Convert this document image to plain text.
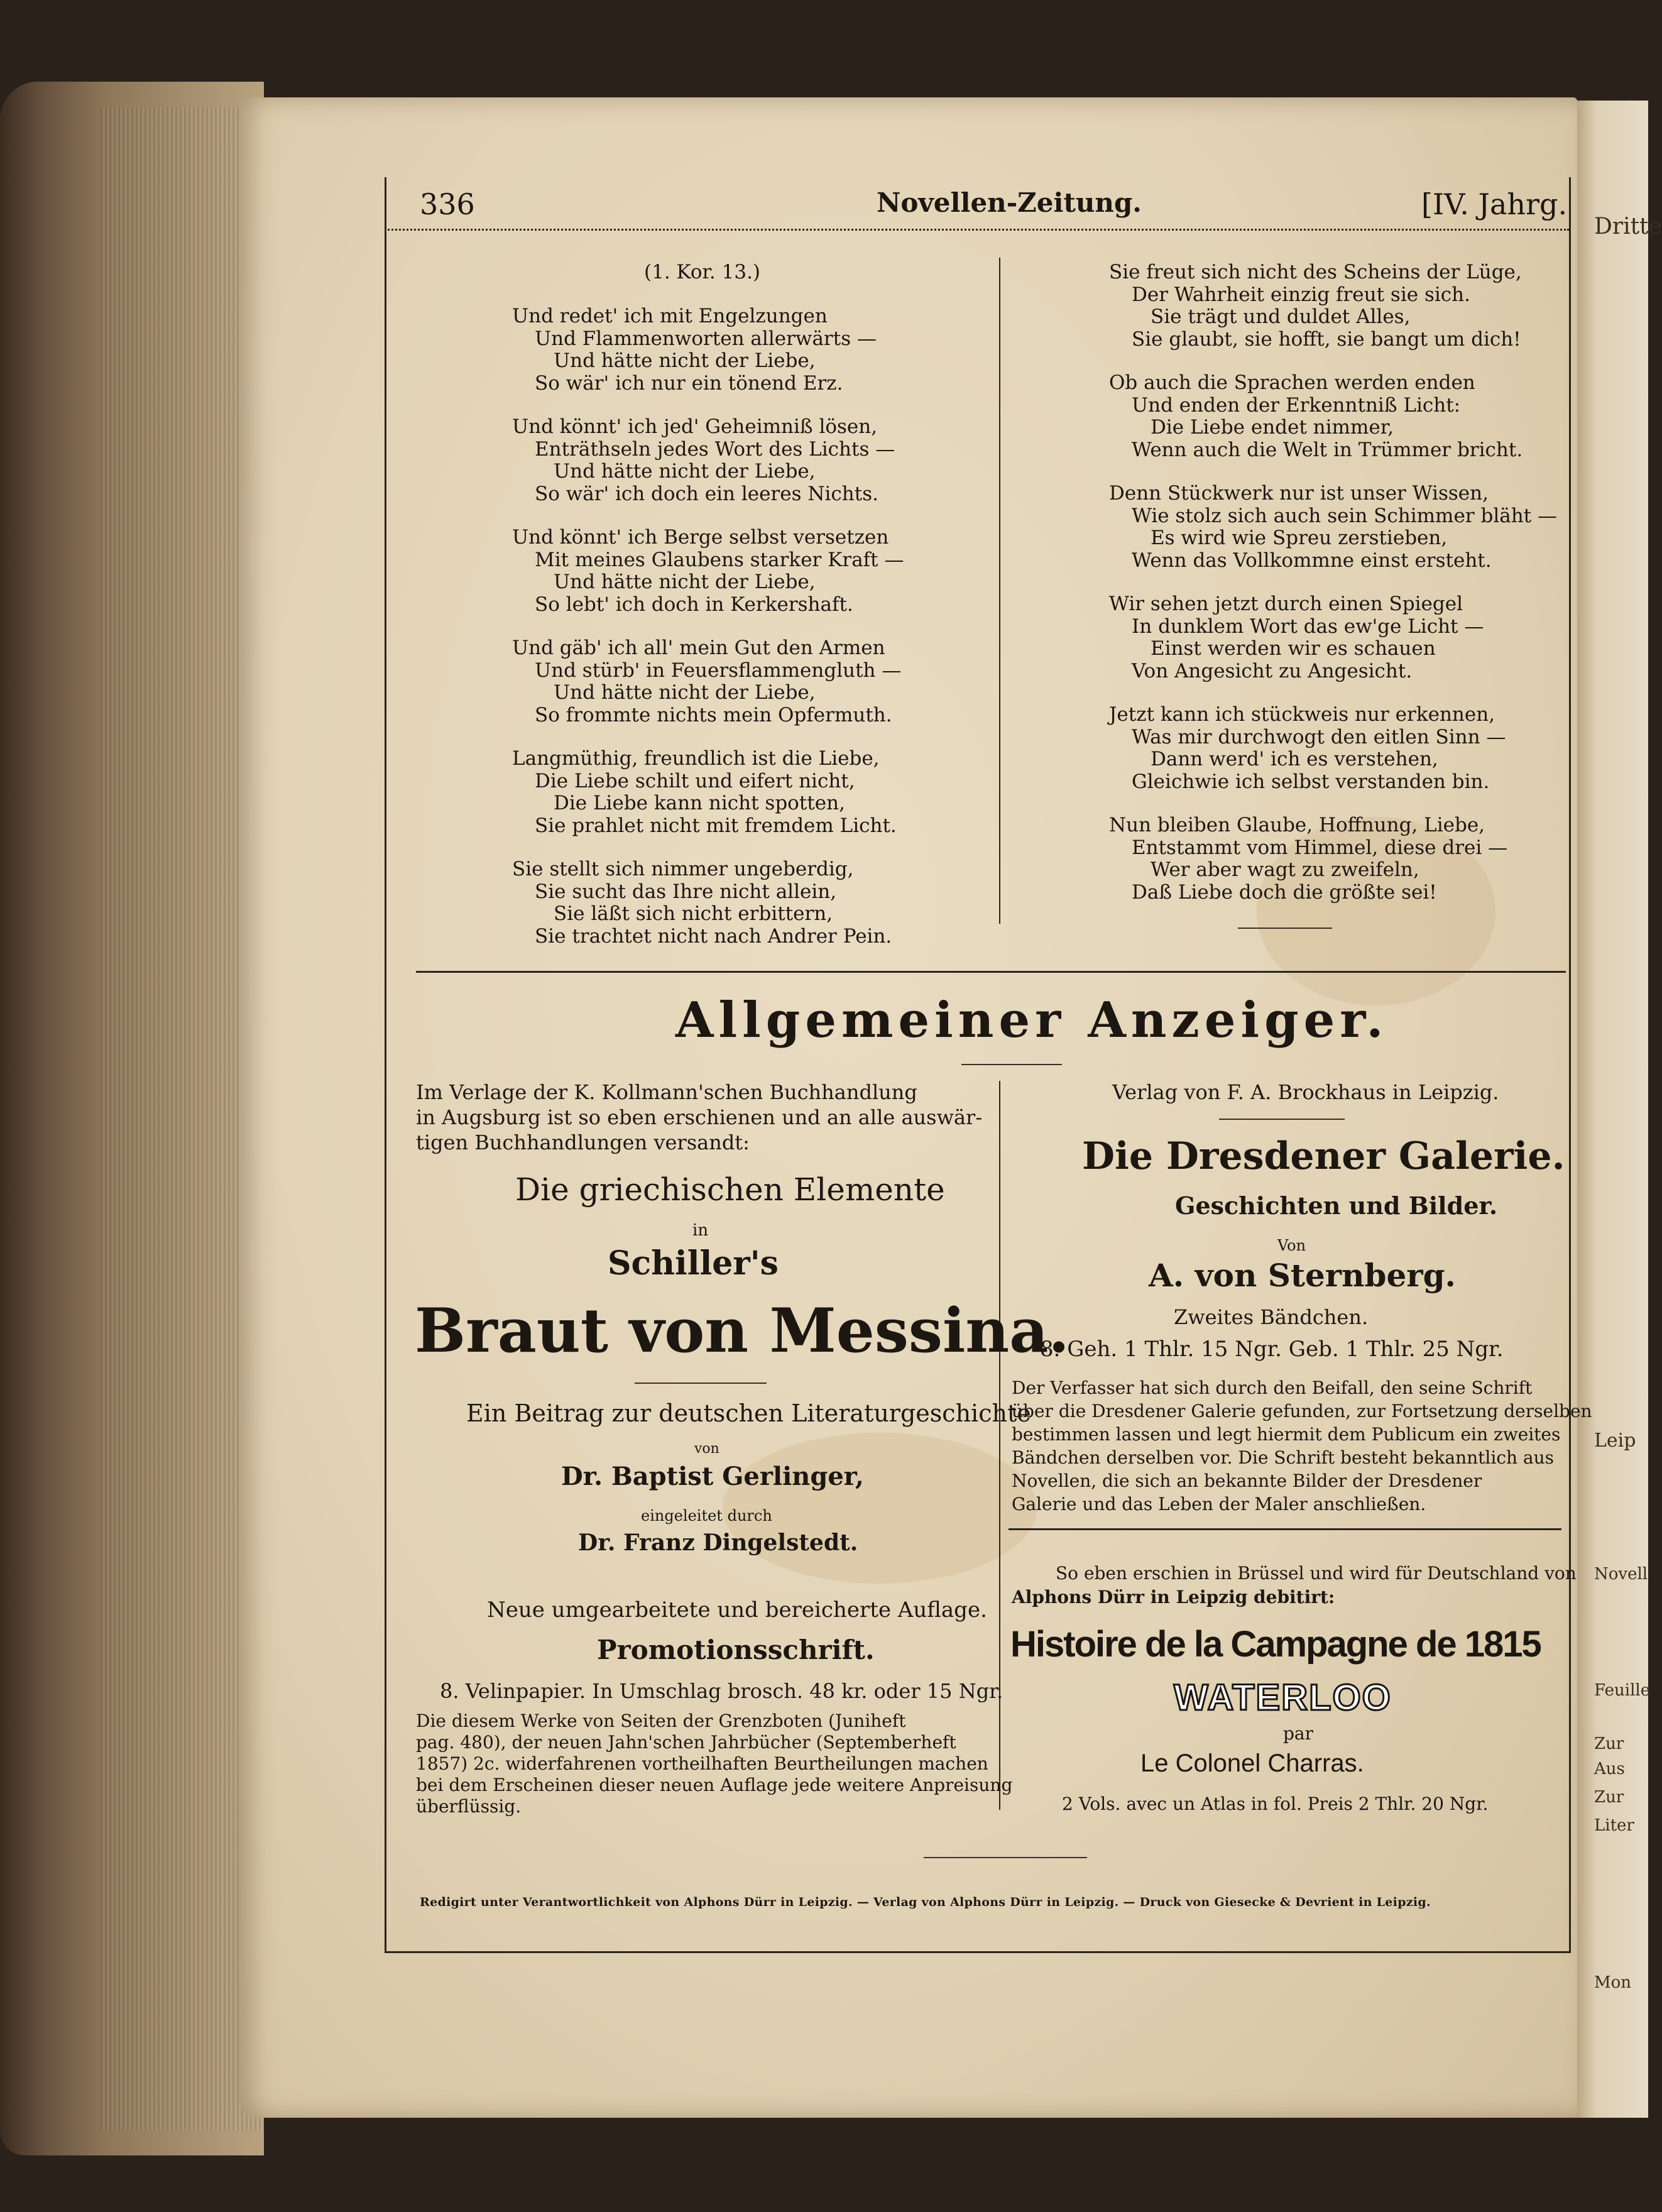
Dritte
Leip
Novell
Feuille
Zur
Aus
Zur
Liter
Mon
336	Novellen-Zeitung.	[IV. Jahrg.
(1. Kor. 13.)
Und redet' ich mit Engelzungen
Und Flammenworten allerwärts —
Und hätte nicht der Liebe,
So wär' ich nur ein tönend Erz.
Und könnt' ich jed' Geheimniß lösen,
Enträthseln jedes Wort des Lichts —
Und hätte nicht der Liebe,
So wär' ich doch ein leeres Nichts.
Und könnt' ich Berge selbst versetzen
Mit meines Glaubens starker Kraft —
Und hätte nicht der Liebe,
So lebt' ich doch in Kerkershaft.
Und gäb' ich all' mein Gut den Armen
Und stürb' in Feuersflammengluth —
Und hätte nicht der Liebe,
So frommte nichts mein Opfermuth.
Langmüthig, freundlich ist die Liebe,
Die Liebe schilt und eifert nicht,
Die Liebe kann nicht spotten,
Sie prahlet nicht mit fremdem Licht.
Sie stellt sich nimmer ungeberdig,
Sie sucht das Ihre nicht allein,
Sie läßt sich nicht erbittern,
Sie trachtet nicht nach Andrer Pein.
Sie freut sich nicht des Scheins der Lüge,
Der Wahrheit einzig freut sie sich.
Sie trägt und duldet Alles,
Sie glaubt, sie hofft, sie bangt um dich!
Ob auch die Sprachen werden enden
Und enden der Erkenntniß Licht:
Die Liebe endet nimmer,
Wenn auch die Welt in Trümmer bricht.
Denn Stückwerk nur ist unser Wissen,
Wie stolz sich auch sein Schimmer bläht —
Es wird wie Spreu zerstieben,
Wenn das Vollkommne einst ersteht.
Wir sehen jetzt durch einen Spiegel
In dunklem Wort das ew'ge Licht —
Einst werden wir es schauen
Von Angesicht zu Angesicht.
Jetzt kann ich stückweis nur erkennen,
Was mir durchwogt den eitlen Sinn —
Dann werd' ich es verstehen,
Gleichwie ich selbst verstanden bin.
Nun bleiben Glaube, Hoffnung, Liebe,
Entstammt vom Himmel, diese drei —
Wer aber wagt zu zweifeln,
Daß Liebe doch die größte sei!
Allgemeiner Anzeiger.
Im Verlage der K. Kollmann'schen Buchhandlung
in Augsburg ist so eben erschienen und an alle auswär-
tigen Buchhandlungen versandt:
Die griechischen Elemente
in
Schiller's
Braut von Messina.
Ein Beitrag zur deutschen Literaturgeschichte
von
Dr. Baptist Gerlinger,
eingeleitet durch
Dr. Franz Dingelstedt.
Neue umgearbeitete und bereicherte Auflage.
Promotionsschrift.
8. Velinpapier. In Umschlag brosch. 48 kr. oder 15 Ngr.
Die diesem Werke von Seiten der Grenzboten (Juniheft
pag. 480), der neuen Jahn'schen Jahrbücher (Septemberheft
1857) 2c. widerfahrenen vortheilhaften Beurtheilungen machen
bei dem Erscheinen dieser neuen Auflage jede weitere Anpreisung
überflüssig.
Verlag von F. A. Brockhaus in Leipzig.
Die Dresdener Galerie.
Geschichten und Bilder.
Von
A. von Sternberg.
Zweites Bändchen.
8. Geh. 1 Thlr. 15 Ngr. Geb. 1 Thlr. 25 Ngr.
Der Verfasser hat sich durch den Beifall, den seine Schrift
über die Dresdener Galerie gefunden, zur Fortsetzung derselben
bestimmen lassen und legt hiermit dem Publicum ein zweites
Bändchen derselben vor. Die Schrift besteht bekanntlich aus
Novellen, die sich an bekannte Bilder der Dresdener
Galerie und das Leben der Maler anschließen.
So eben erschien in Brüssel und wird für Deutschland von
Alphons Dürr in Leipzig debitirt:
Histoire de la Campagne de 1815
WATERLOO
par
Le Colonel Charras.
2 Vols. avec un Atlas in fol. Preis 2 Thlr. 20 Ngr.
Redigirt unter Verantwortlichkeit von Alphons Dürr in Leipzig. — Verlag von Alphons Dürr in Leipzig. — Druck von Giesecke & Devrient in Leipzig.
